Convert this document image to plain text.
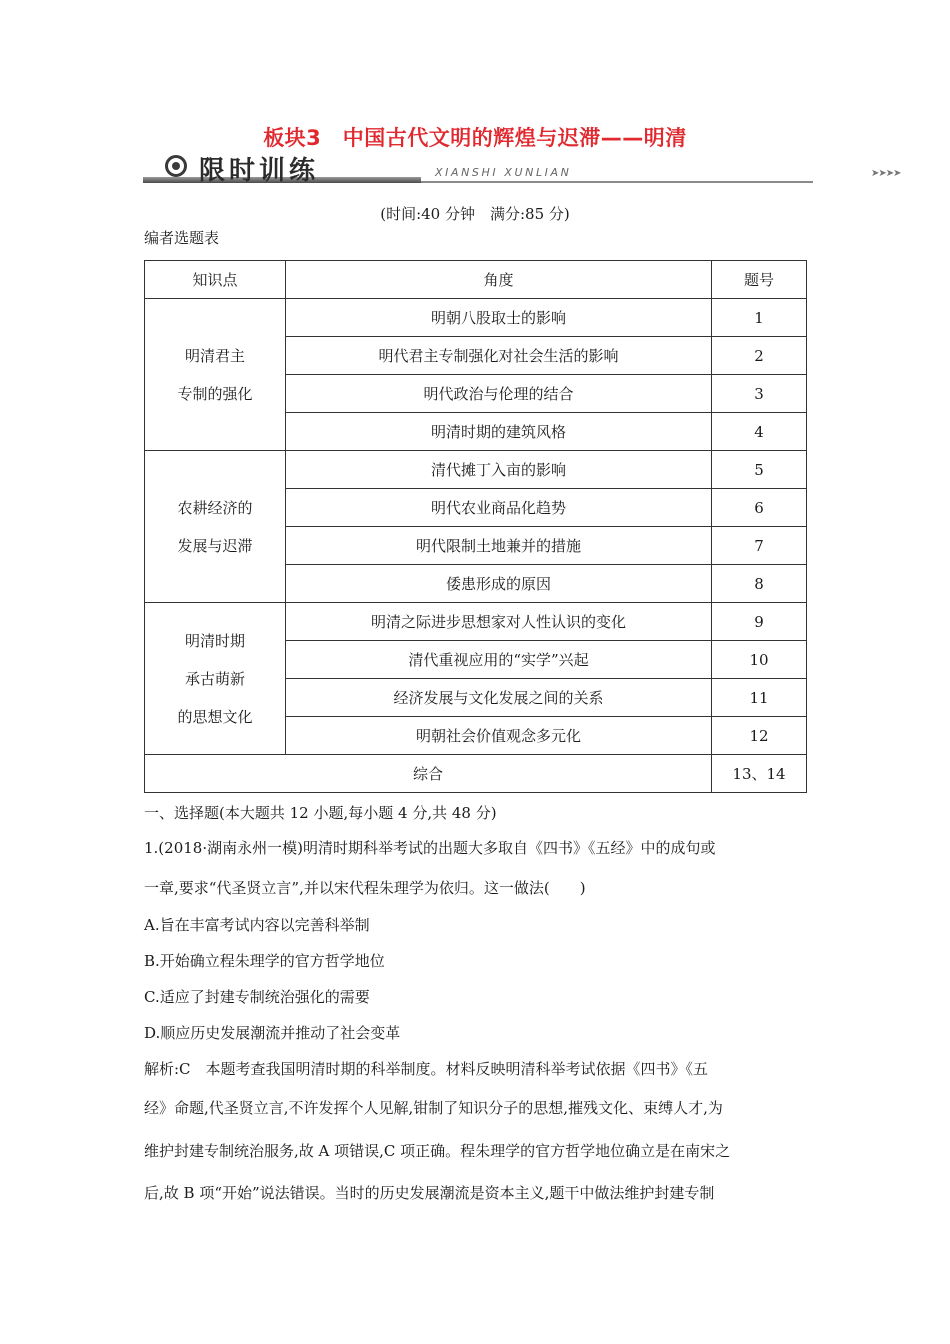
板块3　中国古代文明的辉煌与迟滞——明清
限时训练	XIANSHI XUNLIAN	➤➤➤➤
(时间:40 分钟　满分:85 分)
编者选题表
知识点	角度	题号

明清君主
专制的强化	明朝八股取士的影响	1
	明代君主专制强化对社会生活的影响	2
	明代政治与伦理的结合	3
	明清时期的建筑风格	4

农耕经济的
发展与迟滞	清代摊丁入亩的影响	5
	明代农业商品化趋势	6
	明代限制土地兼并的措施	7
	倭患形成的原因	8

明清时期
承古萌新
的思想文化	明清之际进步思想家对人性认识的变化	9
	清代重视应用的“实学”兴起	10
	经济发展与文化发展之间的关系	11
	明朝社会价值观念多元化	12
综合		13、14
一、选择题(本大题共 12 小题,每小题 4 分,共 48 分)
1.(2018·湖南永州一模)明清时期科举考试的出题大多取自《四书》《五经》中的成句或
一章,要求“代圣贤立言”,并以宋代程朱理学为依归。这一做法(　　)
A.旨在丰富考试内容以完善科举制
B.开始确立程朱理学的官方哲学地位
C.适应了封建专制统治强化的需要
D.顺应历史发展潮流并推动了社会变革
解析:C　本题考查我国明清时期的科举制度。材料反映明清科举考试依据《四书》《五
经》命题,代圣贤立言,不许发挥个人见解,钳制了知识分子的思想,摧残文化、束缚人才,为
维护封建专制统治服务,故 A 项错误,C 项正确。程朱理学的官方哲学地位确立是在南宋之
后,故 B 项“开始”说法错误。当时的历史发展潮流是资本主义,题干中做法维护封建专制
